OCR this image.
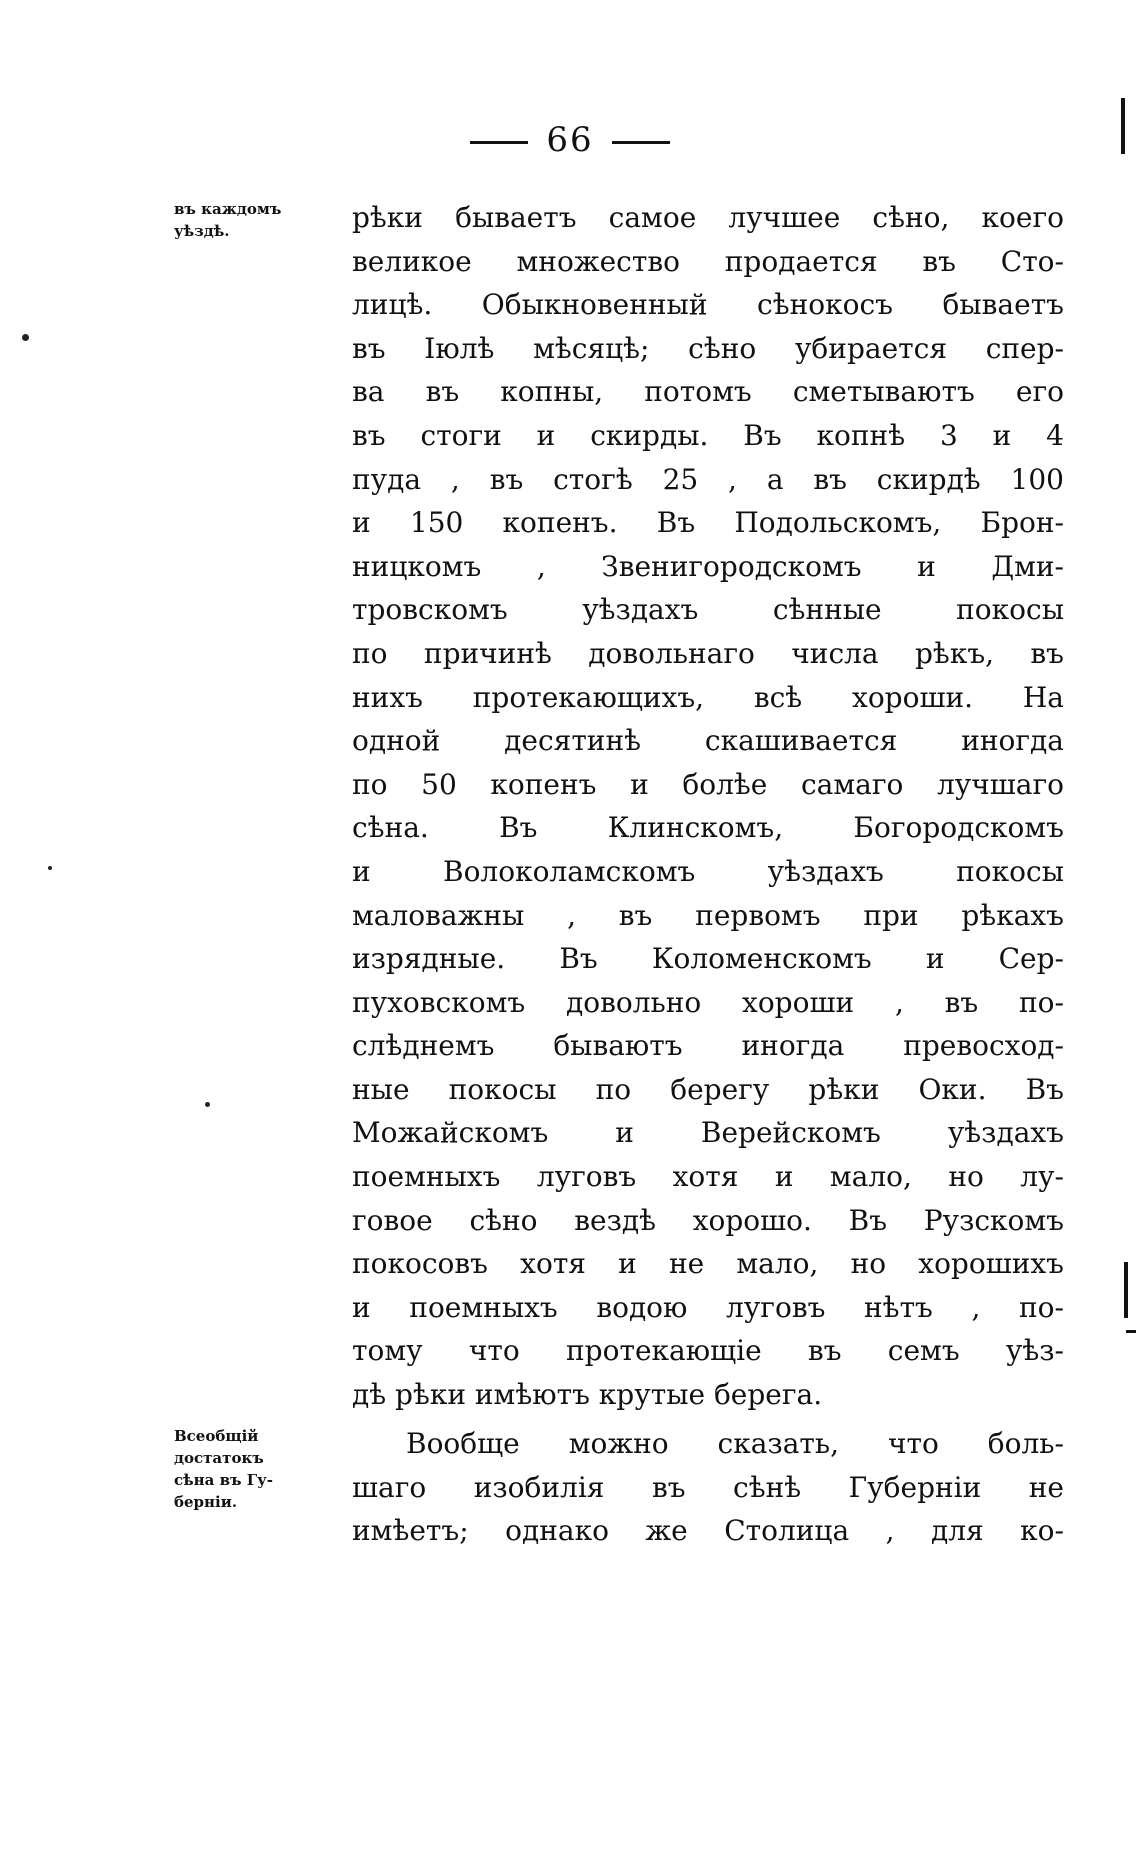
66
въ каждомъ
уѣздѣ.	рѣки бываетъ самое лучшее сѣно, коего
великое множество продается въ Сто-
лицѣ. Обыкновенный сѣнокосъ бываетъ
въ Іюлѣ мѣсяцѣ; сѣно убирается спер-
ва въ копны, потомъ сметываютъ его
въ стоги и скирды. Въ копнѣ 3 и 4
пуда , въ стогѣ 25 , а въ скирдѣ 100
и 150 копенъ. Въ Подольскомъ, Брон-
ницкомъ , Звенигородскомъ и Дми-
тровскомъ уѣздахъ сѣнные покосы
по причинѣ довольнаго числа рѣкъ, въ
нихъ протекающихъ, всѣ хороши. На
одной десятинѣ скашивается иногда
по 50 копенъ и болѣе самаго лучшаго
сѣна. Въ Клинскомъ, Богородскомъ
и Волоколамскомъ уѣздахъ покосы
маловажны , въ первомъ при рѣкахъ
изрядные. Въ Коломенскомъ и Сер-
пуховскомъ довольно хороши , въ по-
слѣднемъ бываютъ иногда превосход-
ные покосы по берегу рѣки Оки. Въ
Можайскомъ и Верейскомъ уѣздахъ
поемныхъ луговъ хотя и мало, но лу-
говое сѣно вездѣ хорошо. Въ Рузскомъ
покосовъ хотя и не мало, но хорошихъ
и поемныхъ водою луговъ нѣтъ , по-
тому что протекающіе въ семъ уѣз-
дѣ рѣки имѣютъ крутые берега.
Всеобщій
достатокъ
сѣна въ Гу-
берніи.
Вообще можно сказать, что боль-
шаго изобилія въ сѣнѣ Губерніи не
имѣетъ; однако же Столица , для ко-
